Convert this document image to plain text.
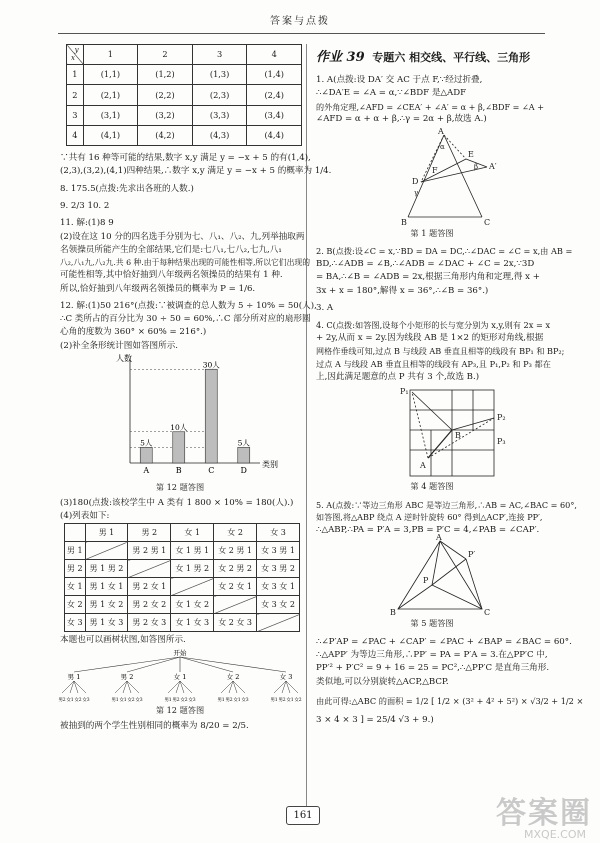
答案与点拨
y
x	1	2	3	4
1	(1,1)	(1,2)	(1,3)	(1,4)
2	(2,1)	(2,2)	(2,3)	(2,4)
3	(3,1)	(3,2)	(3,3)	(3,4)
4	(4,1)	(4,2)	(4,3)	(4,4)

∵共有 16 种等可能的结果,数字 x,y 满足 y = −x + 5 的有(1,4),

(2,3),(3,2),(4,1)四种结果,∴数字 x,y 满足 y = −x + 5 的概率为 1/4.

8. 175.5(点拨:先求出各班的人数.)

9. 2/3 10. 2

11. 解:(1)8 9

(2)设在这 10 分的四名选手分别为七、八₁、八₂、九,列举抽取两

名领操员所能产生的全部结果,它们是:七八₁,七八₂,七九,八₁

八₂,八₁九,八₂九.共 6 种.由于每种结果出现的可能性相等,所以它们出现的

可能性相等,其中恰好抽到八年级两名领操员的结果有 1 种.

所以,恰好抽到八年级两名领操员的概率为 P = 1/6.

12. 解:(1)50 216°(点拨:∵被调查的总人数为 5 ÷ 10% = 50(人),

∴C 类所占的百分比为 30 ÷ 50 = 60%,∴C 部分所对应的扇形圆

心角的度数为 360° × 60% = 216°.)

(2)补全条形统计图如答图所示.

人数
类别
5人
A
10人
B
30人
C
5人
D

第 12 题答图

(3)180(点拨:该校学生中 A 类有 1 800 × 10% = 180(人).)

(4)列表如下:

	男 1	男 2	女 1	女 2	女 3
男 1		男 2 男 1	女 1 男 1	女 2 男 1	女 3 男 1
男 2	男 1 男 2		女 1 男 2	女 2 男 2	女 3 男 2
女 1	男 1 女 1	男 2 女 1		女 2 女 1	女 3 女 1
女 2	男 1 女 2	男 2 女 2	女 1 女 2		女 3 女 2
女 3	男 1 女 3	男 2 女 3	女 1 女 3	女 2 女 3	

本题也可以画树状图,如答图所示.

开始
男 1
男2 女1 女2 女3
男 2
男1 女1 女2 女3
女 1
男1 男2 女2 女3
女 2
男1 男2 女1 女3
女 3
男1 男2 女1 女2

第 12 题答图

被抽到的两个学生性别相同的概率为 8/20 = 2/5.

作业 39 专题六 相交线、平行线、三角形

1. A(点拨:设 DA′ 交 AC 于点 F,∵经过折叠,

∴∠DA′E = ∠A = α,∵∠BDF 是△ADF

的外角定理,∠AFD = ∠CEA′ + ∠A′ = α + β,∠BDF = ∠A +

∠AFD = α + α + β,∴γ = 2α + β,故选 A.)

A
A′
B	C
D
E
F
α
β
γ

第 1 题答图

2. B(点拨:设∠C = x,∵BD = DA = DC,∴∠DAC = ∠C = x,由 AB =

BD,∴∠ADB = ∠B,∴∠ADB = ∠DAC + ∠C = 2x,∵3D

= BA,∴∠B = ∠ADB = 2x,根据三角形内角和定理,得 x +

3x + x = 180°,解得 x = 36°,∴∠B = 36°.)

3. A

4. C(点拨:如答图,设每个小矩形的长与宽分别为 x,y,则有 2x = x

+ 2y,从而 x = 2y.因为线段 AB 是 1×2 的矩形对角线,根据

网格作垂线可知,过点 B 与线段 AB 垂直且相等的线段有 BP₁ 和 BP₂;

过点 A 与线段 AB 垂直且相等的线段有 AP₃,且 P₁,P₂ 和 P₃ 都在

上,因此满足题意的点 P 共有 3 个,故选 B.)

P₁
P₂
P₃
A
B

第 4 题答图

5. A(点拨:∵等边三角形 ABC 是等边三角形,∴AB = AC,∠BAC = 60°,

如答图,将△ABP 绕点 A 逆时针旋转 60° 得到△ACP′,连接 PP′,

∴△ABP,∴PA = P′A = 3,PB = P′C = 4,∠PAB = ∠CAP′.

A
B	C
P
P′

第 5 题答图

∴∠P′AP = ∠PAC + ∠CAP′ = ∠PAC + ∠BAP = ∠BAC = 60°.

∴△APP′ 为等边三角形,∴PP′ = PA = P′A = 3.在△PP′C 中,

PP′² + P′C² = 9 + 16 = 25 = PC²,∴△PP′C 是直角三角形.

类似地,可以分别旋转△ACP,△BCP.

由此可得:△ABC 的面积 = 1/2 [ 1/2 × (3² + 4² + 5²) × √3/2 + 1/2 ×

3 × 4 × 3 ] = 25/4 √3 + 9.)

161	答案圈
MXQE.COM
